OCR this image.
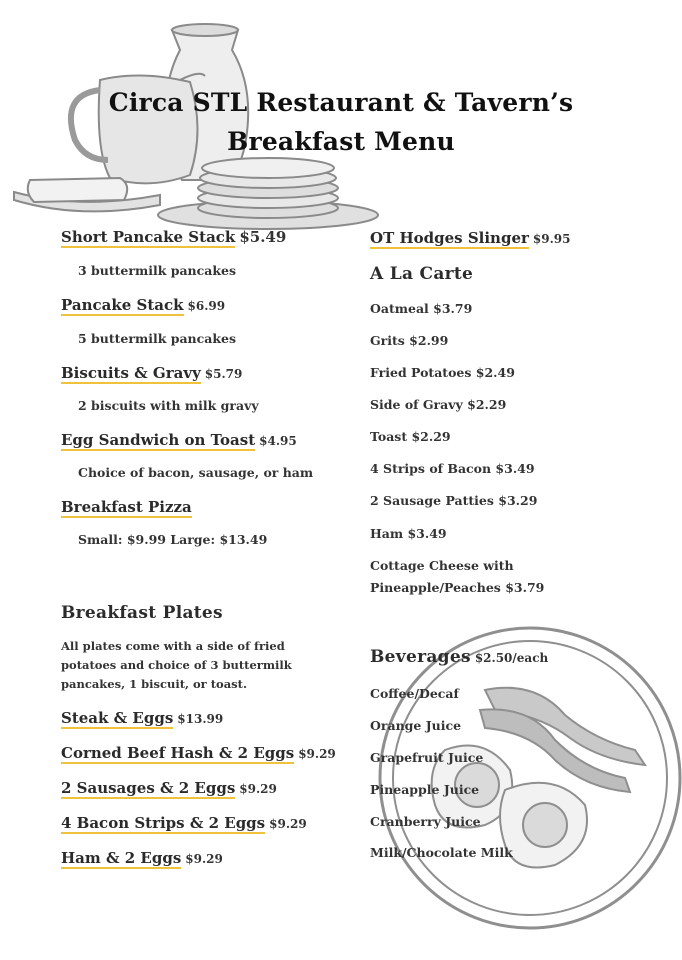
Circa STL Restaurant & Tavern’s
Breakfast Menu
Short Pancake Stack $5.49
3 buttermilk pancakes
Pancake Stack $6.99
5 buttermilk pancakes
Biscuits & Gravy $5.79
2 biscuits with milk gravy
Egg Sandwich on Toast $4.95
Choice of bacon, sausage, or ham
Breakfast Pizza
Small: $9.99 Large: $13.49
Breakfast Plates
All plates come with a side of fried potatoes and choice of 3 buttermilk pancakes, 1 biscuit, or toast.
Steak & Eggs $13.99
Corned Beef Hash & 2 Eggs $9.29
2 Sausages & 2 Eggs $9.29
4 Bacon Strips & 2 Eggs $9.29
Ham & 2 Eggs $9.29
OT Hodges Slinger $9.95
A La Carte
Oatmeal $3.79
Grits $2.99
Fried Potatoes $2.49
Side of Gravy $2.29
Toast $2.29
4 Strips of Bacon $3.49
2 Sausage Patties $3.29
Ham $3.49
Cottage Cheese with
Pineapple/Peaches $3.79
Beverages $2.50/each
Coffee/Decaf
Orange Juice
Grapefruit Juice
Pineapple Juice
Cranberry Juice
Milk/Chocolate Milk
